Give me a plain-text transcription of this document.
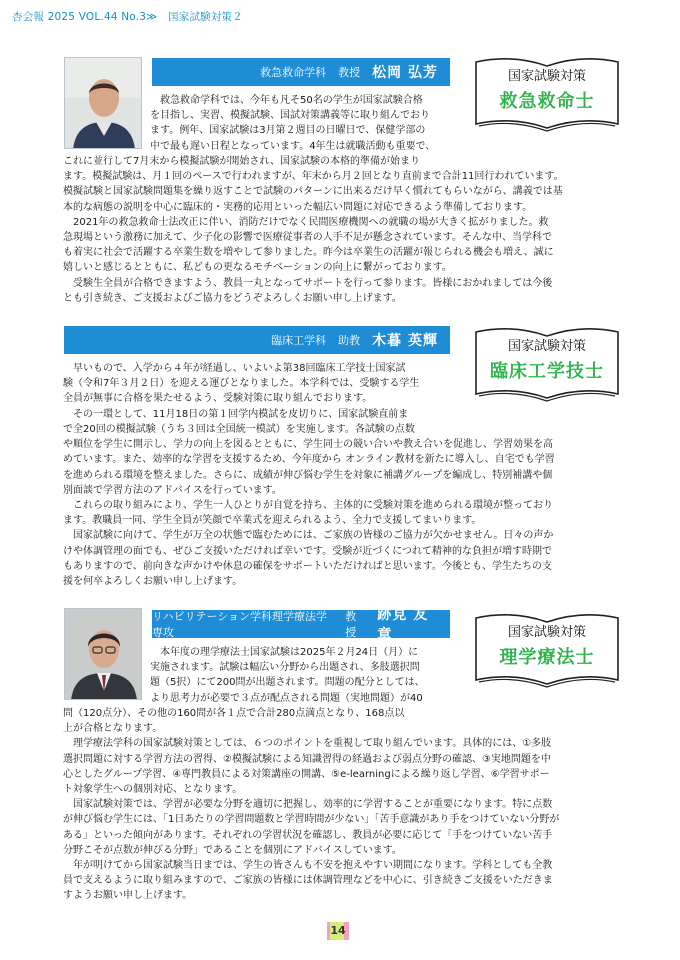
杏会報 2025 VOL.44 No.3≫　国家試験対策２
救急救命学科 教授 松岡 弘芳	国家試験対策
救急救命士

　救急救命学科では、今年も凡そ50名の学生が国家試験合格

を目指し、実習、模擬試験、国試対策講義等に取り組んでおり

ます。例年、国家試験は3月第２週目の日曜日で、保健学部の

中で最も遅い日程となっています。4年生は就職活動も重要で、

これに並行して7月末から模擬試験が開始され、国家試験の本格的準備が始まり

ます。模擬試験は、月１回のペースで行われますが、年末から月２回となり直前まで合計11回行われています。

模擬試験と国家試験問題集を繰り返すことで試験のパターンに出来るだけ早く慣れてもらいながら、講義では基

本的な病態の説明を中心に臨床的・実務的応用といった幅広い問題に対応できるよう準備しております。

　2021年の救急救命士法改正に伴い、消防だけでなく民間医療機関への就職の場が大きく拡がりました。救

急現場という激務に加えて、少子化の影響で医療従事者の人手不足が懸念されています。そんな中、当学科で

も着実に社会で活躍する卒業生数を増やして参りました。昨今は卒業生の活躍が報じられる機会も増え、誠に

嬉しいと感じるとともに、私どもの更なるモチベーションの向上に繋がっております。

　受験生全員が合格できますよう、教員一丸となってサポートを行って参ります。皆様におかれましては今後

とも引き続き、ご支援およびご協力をどうぞよろしくお願い申し上げます。

臨床工学科 助教 木暮 英輝	国家試験対策
臨床工学技士

　早いもので、入学から４年が経過し、いよいよ第38回臨床工学技士国家試

験（令和7年３月２日）を迎える運びとなりました。本学科では、受験する学生

全員が無事に合格を果たせるよう、受験対策に取り組んでおります。

　その一環として、11月18日の第１回学内模試を皮切りに、国家試験直前ま

で全20回の模擬試験（うち３回は全国統一模試）を実施します。各試験の点数

や順位を学生に開示し、学力の向上を図るとともに、学生同士の競い合いや教え合いを促進し、学習効果を高

めています。また、効率的な学習を支援するため、今年度から オンライン教材を新たに導入し、自宅でも学習

を進められる環境を整えました。さらに、成績が伸び悩む学生を対象に補講グループを編成し、特別補講や個

別面談で学習方法のアドバイスを行っています。

　これらの取り組みにより、学生一人ひとりが自覚を持ち、主体的に受験対策を進められる環境が整っており

ます。教職員一同、学生全員が笑顔で卒業式を迎えられるよう、全力で支援してまいります。

　国家試験に向けて、学生が万全の状態で臨むためには、ご家族の皆様のご協力が欠かせません。日々の声か

けや体調管理の面でも、ぜひご支援いただければ幸いです。受験が近づくにつれて精神的な負担が増す時期で

もありますので、前向きな声かけや休息の確保をサポートいただければと思います。今後とも、学生たちの支

援を何卒よろしくお願い申し上げます。

リハビリテーション学科理学療法学専攻
教授
跡見 友章	国家試験対策
理学療法士

　本年度の理学療法士国家試験は2025年２月24日（月）に

実施されます。試験は幅広い分野から出題され、多肢選択問

題（5択）にて200問が出題されます。問題の配分としては、

より思考力が必要で３点が配点される問題（実地問題）が40

問（120点分）、その他の160問が各１点で合計280点満点となり、168点以

上が合格となります。

　理学療法学科の国家試験対策としては、６つのポイントを重視して取り組んでいます。具体的には、①多肢

選択問題に対する学習方法の習得、②模擬試験による知識習得の経過および弱点分野の確認、③実地問題を中

心としたグループ学習、④専門教員による対策講座の開講、⑤e-learningによる繰り返し学習、⑥学習サポー

ト対象学生への個別対応、となります。

　国家試験対策では、学習が必要な分野を適切に把握し、効率的に学習することが重要になります。特に点数

が伸び悩む学生には、「1日あたりの学習問題数と学習時間が少ない」「苦手意識があり手をつけていない分野が

ある」といった傾向があります。それぞれの学習状況を確認し、教員が必要に応じて「手をつけていない苦手

分野こそが点数が伸びる分野」であることを個別にアドバイスしています。

　年が明けてから国家試験当日までは、学生の皆さんも不安を抱えやすい期間になります。学科としても全教

員で支えるように取り組みますので、ご家族の皆様には体調管理などを中心に、引き続きご支援をいただきま

すようお願い申し上げます。

14
